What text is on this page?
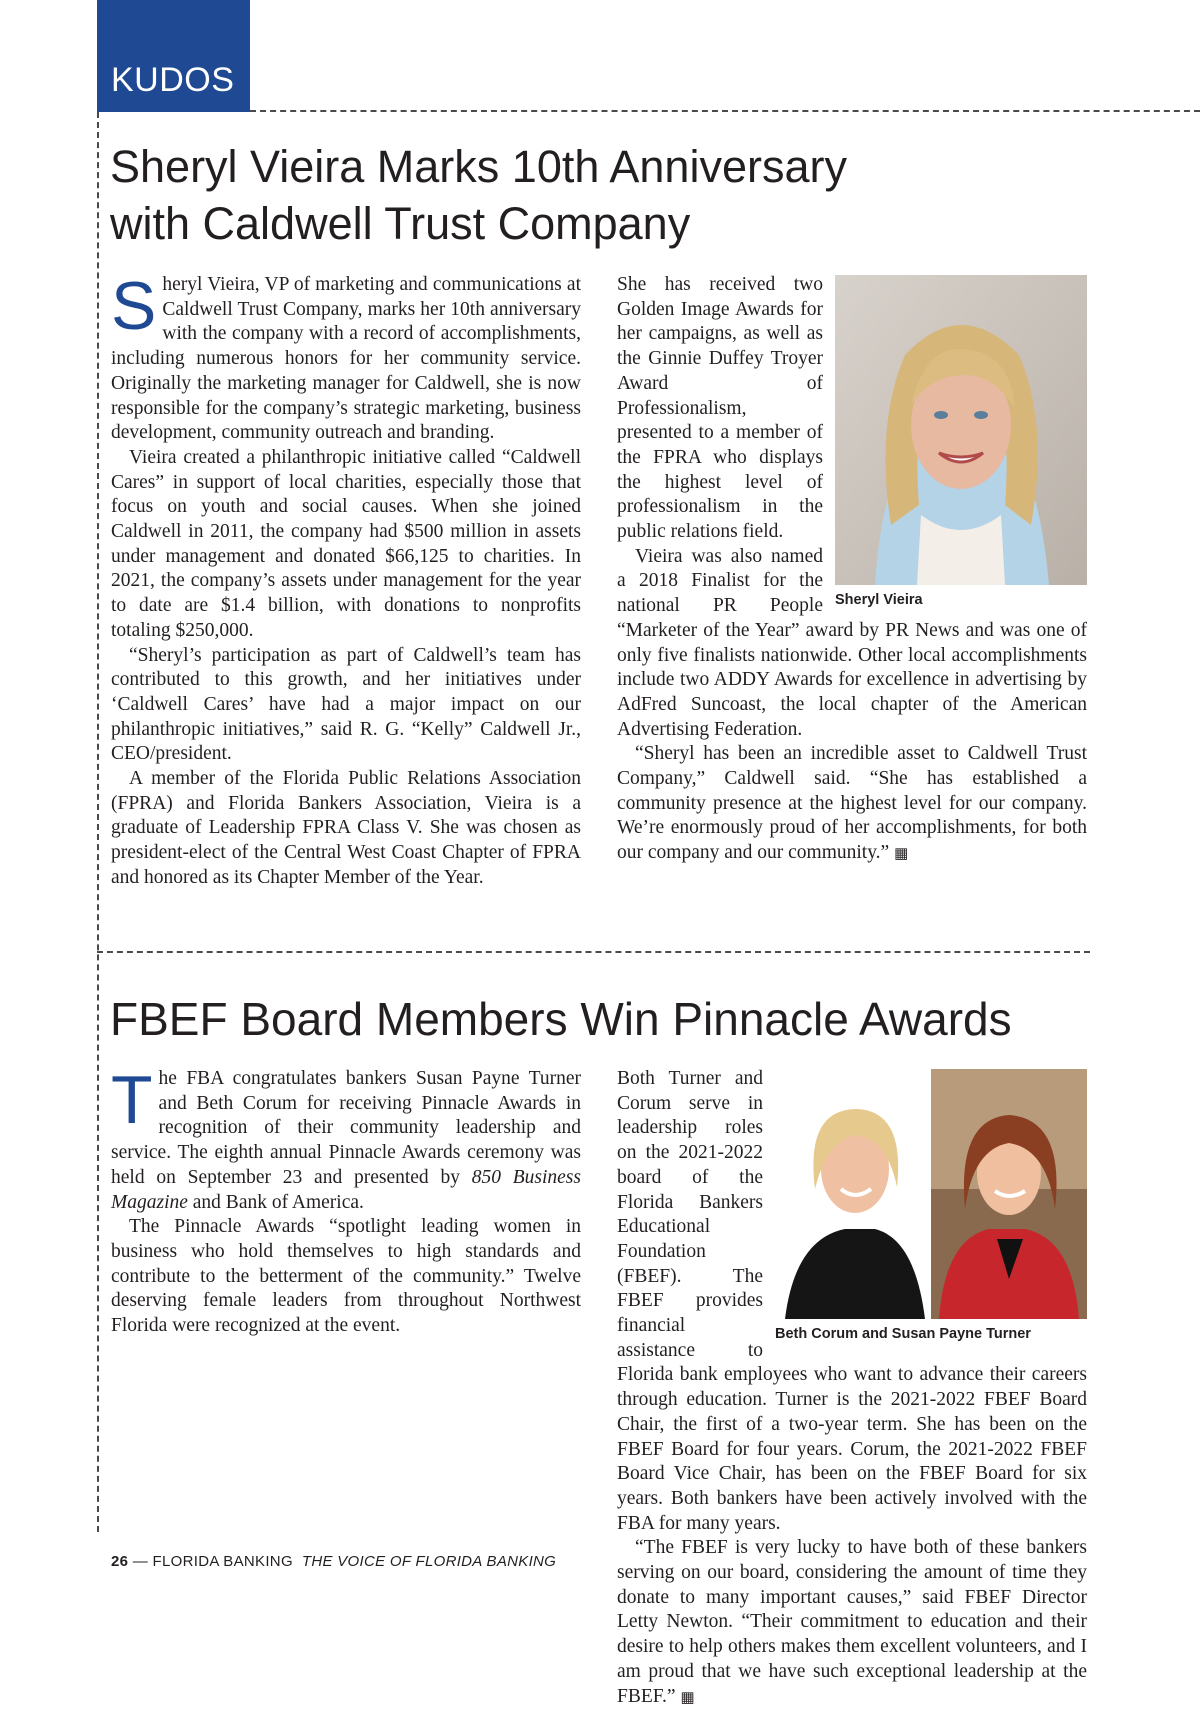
KUDOS
Sheryl Vieira Marks 10th Anniversary
with Caldwell Trust Company

Sheryl Vieira, VP of marketing and communications at Caldwell Trust Company, marks her 10th anniversary with the company with a record of accomplishments, including numerous honors for her community service. Originally the marketing manager for Caldwell, she is now responsible for the company’s strategic marketing, business development, community outreach and branding.

Vieira created a philanthropic initiative called “Caldwell Cares” in support of local charities, especially those that focus on youth and social causes. When she joined Caldwell in 2011, the company had $500 million in assets under management and donated $66,125 to charities. In 2021, the company’s assets under management for the year to date are $1.4 billion, with donations to nonprofits totaling $250,000.

“Sheryl’s participation as part of Caldwell’s team has contributed to this growth, and her initiatives under ‘Caldwell Cares’ have had a major impact on our philanthropic initiatives,” said R. G. “Kelly” Caldwell Jr., CEO/president.

A member of the Florida Public Relations Association (FPRA) and Florida Bankers Association, Vieira is a graduate of Leadership FPRA Class V. She was chosen as president-elect of the Central West Coast Chapter of FPRA and honored as its Chapter Member of the Year.

Sheryl Vieira

She has received two Golden Image Awards for her campaigns, as well as the Ginnie Duffey Troyer Award of Professionalism, presented to a member of the FPRA who displays the highest level of professionalism in the public relations field.

Vieira was also named a 2018 Finalist for the national PR People “Marketer of the Year” award by PR News and was one of only five finalists nationwide. Other local accomplishments include two ADDY Awards for excellence in advertising by AdFred Suncoast, the local chapter of the American Advertising Federation.

“Sheryl has been an incredible asset to Caldwell Trust Company,” Caldwell said. “She has established a community presence at the highest level for our company. We’re enormously proud of her accomplishments, for both our company and our community.” ▦

FBEF Board Members Win Pinnacle Awards

The FBA congratulates bankers Susan Payne Turner and Beth Corum for receiving Pinnacle Awards in recognition of their community leadership and service. The eighth annual Pinnacle Awards ceremony was held on September 23 and presented by 850 Business Magazine and Bank of America.

The Pinnacle Awards “spotlight leading women in business who hold themselves to high standards and contribute to the betterment of the community.” Twelve deserving female leaders from throughout Northwest Florida were recognized at the event.	Beth Corum and Susan Payne Turner

Both Turner and Corum serve in leadership roles on the 2021-2022 board of the Florida Bankers Educational Foundation (FBEF). The FBEF provides financial assistance to Florida bank employees who want to advance their careers through education. Turner is the 2021-2022 FBEF Board Chair, the first of a two-year term. She has been on the FBEF Board for four years. Corum, the 2021-2022 FBEF Board Vice Chair, has been on the FBEF Board for six years. Both bankers have been actively involved with the FBA for many years.

“The FBEF is very lucky to have both of these bankers serving on our board, considering the amount of time they donate to many important causes,” said FBEF Director Letty Newton. “Their commitment to education and their desire to help others makes them excellent volunteers, and I am proud that we have such exceptional leadership at the FBEF.” ▦

26 — FLORIDA BANKING THE VOICE OF FLORIDA BANKING
